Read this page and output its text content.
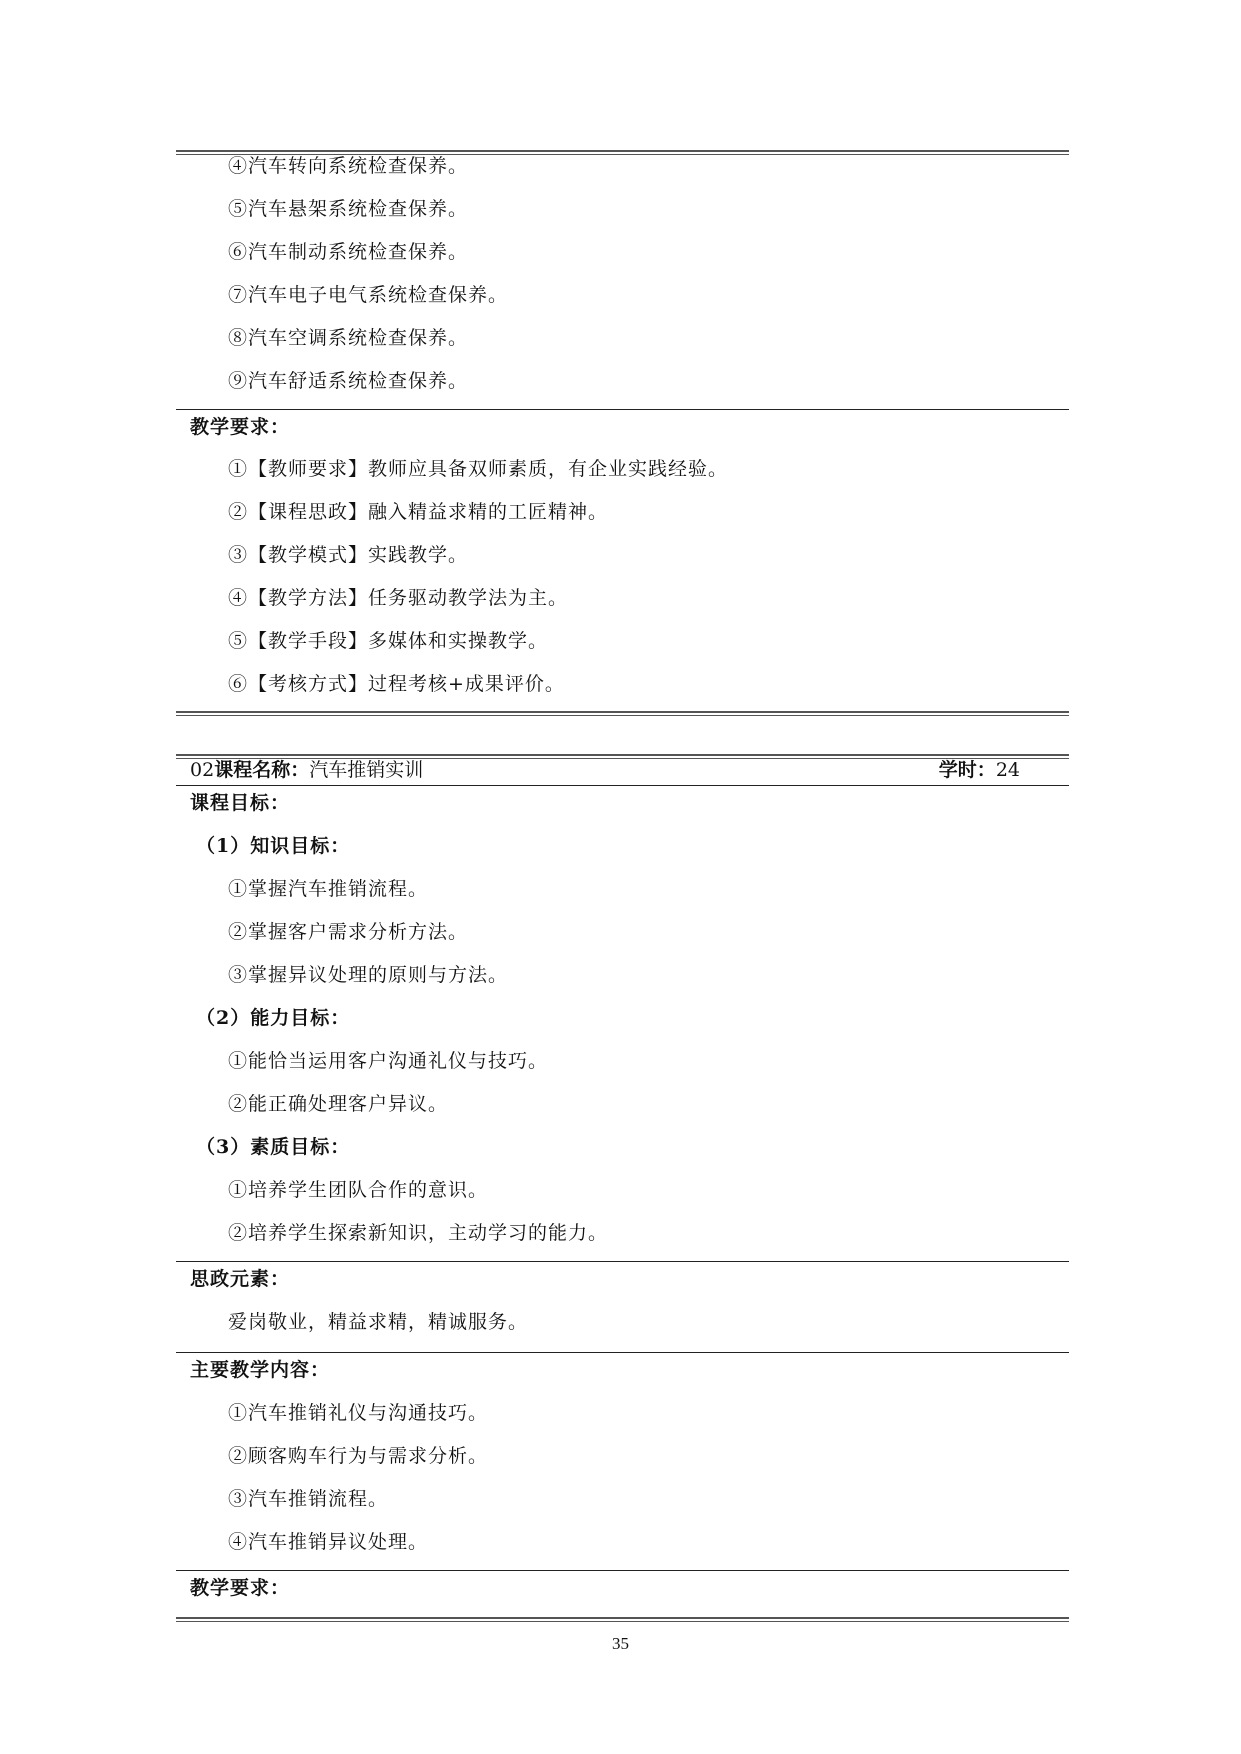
④汽车转向系统检查保养。
⑤汽车悬架系统检查保养。
⑥汽车制动系统检查保养。
⑦汽车电子电气系统检查保养。
⑧汽车空调系统检查保养。
⑨汽车舒适系统检查保养。
教学要求：
①【教师要求】教师应具备双师素质，有企业实践经验。
②【课程思政】融入精益求精的工匠精神。
③【教学模式】实践教学。
④【教学方法】任务驱动教学法为主。
⑤【教学手段】多媒体和实操教学。
⑥【考核方式】过程考核+成果评价。
02课程名称：汽车推销实训	学时：24
课程目标：
（1）知识目标：
①掌握汽车推销流程。
②掌握客户需求分析方法。
③掌握异议处理的原则与方法。
（2）能力目标：
①能恰当运用客户沟通礼仪与技巧。
②能正确处理客户异议。
（3）素质目标：
①培养学生团队合作的意识。
②培养学生探索新知识，主动学习的能力。
思政元素：
爱岗敬业，精益求精，精诚服务。
主要教学内容：
①汽车推销礼仪与沟通技巧。
②顾客购车行为与需求分析。
③汽车推销流程。
④汽车推销异议处理。
教学要求：
35
